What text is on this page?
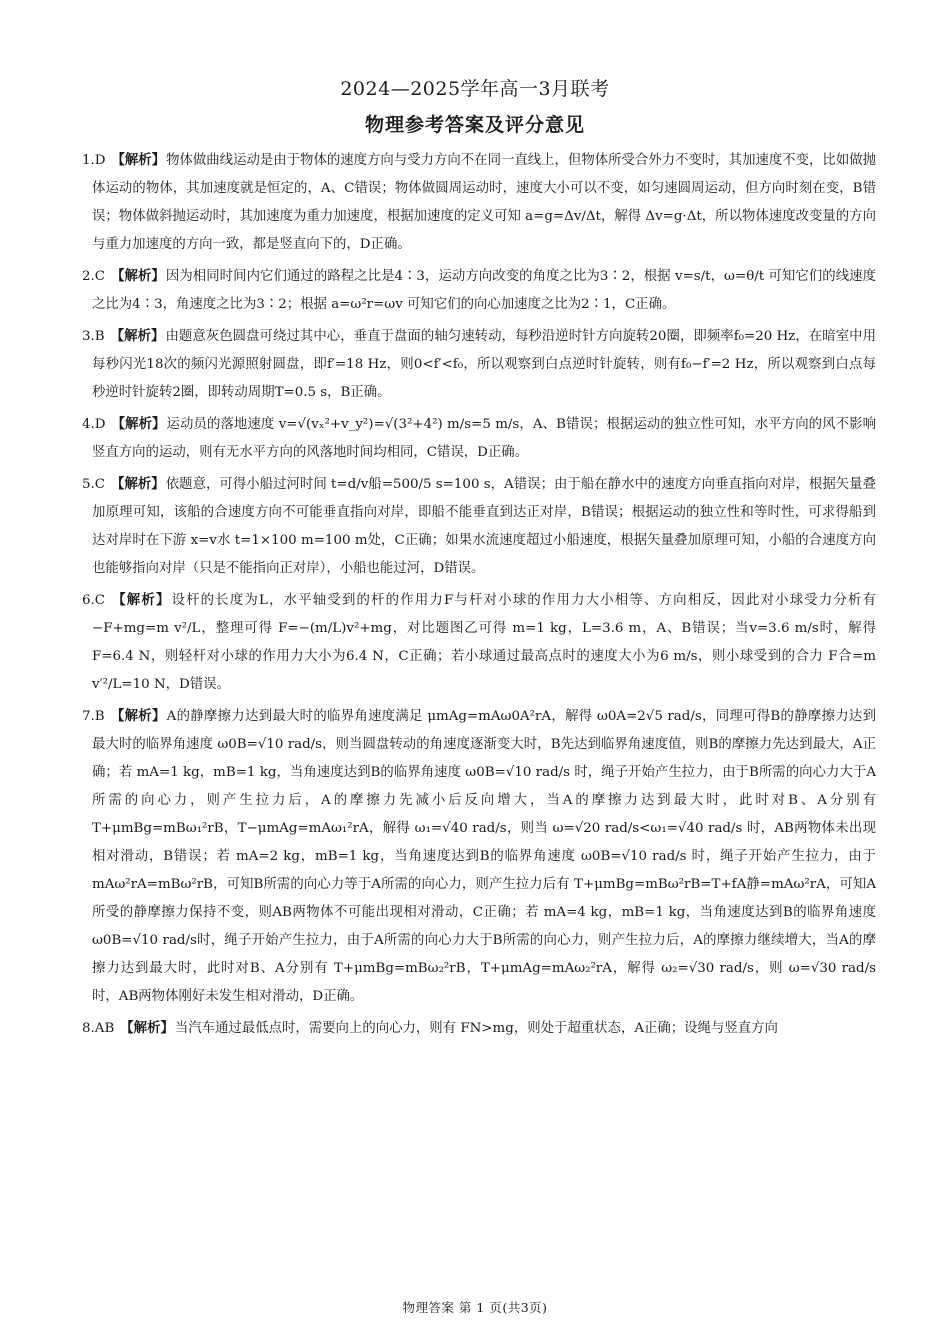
2024—2025学年高一3月联考
物理参考答案及评分意见
1.D 【解析】物体做曲线运动是由于物体的速度方向与受力方向不在同一直线上，但物体所受合外力不变时，其加速度不变，比如做抛体运动的物体，其加速度就是恒定的，A、C错误；物体做圆周运动时，速度大小可以不变，如匀速圆周运动，但方向时刻在变，B错误；物体做斜抛运动时，其加速度为重力加速度，根据加速度的定义可知 a=g=Δv/Δt，解得 Δv=g·Δt，所以物体速度改变量的方向与重力加速度的方向一致，都是竖直向下的，D正确。
2.C 【解析】因为相同时间内它们通过的路程之比是4∶3，运动方向改变的角度之比为3∶2，根据 v=s/t，ω=θ/t 可知它们的线速度之比为4∶3，角速度之比为3∶2；根据 a=ω²r=ωv 可知它们的向心加速度之比为2∶1，C正确。
3.B 【解析】由题意灰色圆盘可绕过其中心，垂直于盘面的轴匀速转动，每秒沿逆时针方向旋转20圈，即频率f₀=20 Hz，在暗室中用每秒闪光18次的频闪光源照射圆盘，即f′=18 Hz，则0<f′<f₀，所以观察到白点逆时针旋转，则有f₀−f′=2 Hz，所以观察到白点每秒逆时针旋转2圈，即转动周期T=0.5 s，B正确。
4.D 【解析】运动员的落地速度 v=√(vₓ²+v_y²)=√(3²+4²) m/s=5 m/s，A、B错误；根据运动的独立性可知，水平方向的风不影响竖直方向的运动，则有无水平方向的风落地时间均相同，C错误，D正确。
5.C 【解析】依题意，可得小船过河时间 t=d/v船=500/5 s=100 s，A错误；由于船在静水中的速度方向垂直指向对岸，根据矢量叠加原理可知，该船的合速度方向不可能垂直指向对岸，即船不能垂直到达正对岸，B错误；根据运动的独立性和等时性，可求得船到达对岸时在下游 x=v水 t=1×100 m=100 m处，C正确；如果水流速度超过小船速度，根据矢量叠加原理可知，小船的合速度方向也能够指向对岸（只是不能指向正对岸），小船也能过河，D错误。
6.C 【解析】设杆的长度为L，水平轴受到的杆的作用力F与杆对小球的作用力大小相等、方向相反，因此对小球受力分析有 −F+mg=m v²/L，整理可得 F=−(m/L)v²+mg，对比题图乙可得 m=1 kg，L=3.6 m，A、B错误；当v=3.6 m/s时，解得F=6.4 N，则轻杆对小球的作用力大小为6.4 N，C正确；若小球通过最高点时的速度大小为6 m/s，则小球受到的合力 F合=m v′²/L=10 N，D错误。
7.B 【解析】A的静摩擦力达到最大时的临界角速度满足 μmAg=mAω0A²rA，解得 ω0A=2√5 rad/s，同理可得B的静摩擦力达到最大时的临界角速度 ω0B=√10 rad/s，则当圆盘转动的角速度逐渐变大时，B先达到临界角速度值，则B的摩擦力先达到最大，A正确；若 mA=1 kg，mB=1 kg，当角速度达到B的临界角速度 ω0B=√10 rad/s 时，绳子开始产生拉力，由于B所需的向心力大于A所需的向心力，则产生拉力后，A的摩擦力先减小后反向增大，当A的摩擦力达到最大时，此时对B、A分别有 T+μmBg=mBω₁²rB，T−μmAg=mAω₁²rA，解得 ω₁=√40 rad/s，则当 ω=√20 rad/s<ω₁=√40 rad/s 时，AB两物体未出现相对滑动，B错误；若 mA=2 kg，mB=1 kg，当角速度达到B的临界角速度 ω0B=√10 rad/s 时，绳子开始产生拉力，由于 mAω²rA=mBω²rB，可知B所需的向心力等于A所需的向心力，则产生拉力后有 T+μmBg=mBω²rB=T+fA静=mAω²rA，可知A所受的静摩擦力保持不变，则AB两物体不可能出现相对滑动，C正确；若 mA=4 kg，mB=1 kg，当角速度达到B的临界角速度 ω0B=√10 rad/s时，绳子开始产生拉力，由于A所需的向心力大于B所需的向心力，则产生拉力后，A的摩擦力继续增大，当A的摩擦力达到最大时，此时对B、A分别有 T+μmBg=mBω₂²rB，T+μmAg=mAω₂²rA，解得 ω₂=√30 rad/s，则 ω=√30 rad/s 时，AB两物体刚好未发生相对滑动，D正确。
8.AB 【解析】当汽车通过最低点时，需要向上的向心力，则有 FN>mg，则处于超重状态，A正确；设绳与竖直方向
物理答案 第 1 页(共3页)
